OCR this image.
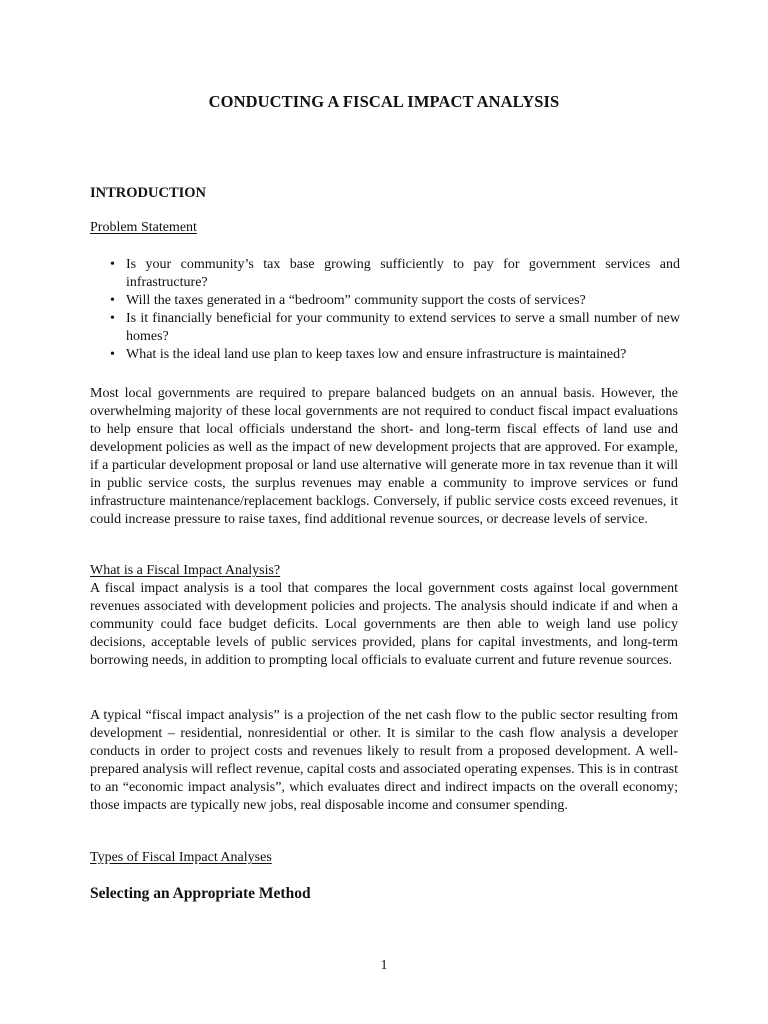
CONDUCTING A FISCAL IMPACT ANALYSIS
INTRODUCTION
Problem Statement
• Is your community’s tax base growing sufficiently to pay for government services and infrastructure?
• Will the taxes generated in a “bedroom” community support the costs of services?
• Is it financially beneficial for your community to extend services to serve a small number of new homes?
• What is the ideal land use plan to keep taxes low and ensure infrastructure is maintained?

Most local governments are required to prepare balanced budgets on an annual basis. However, the overwhelming majority of these local governments are not required to conduct fiscal impact evaluations to help ensure that local officials understand the short- and long-term fiscal effects of land use and development policies as well as the impact of new development projects that are approved. For example, if a particular development proposal or land use alternative will generate more in tax revenue than it will in public service costs, the surplus revenues may enable a community to improve services or fund infrastructure maintenance/replacement backlogs. Conversely, if public service costs exceed revenues, it could increase pressure to raise taxes, find additional revenue sources, or decrease levels of service.

What is a Fiscal Impact Analysis?

A fiscal impact analysis is a tool that compares the local government costs against local government revenues associated with development policies and projects. The analysis should indicate if and when a community could face budget deficits. Local governments are then able to weigh land use policy decisions, acceptable levels of public services provided, plans for capital investments, and long-term borrowing needs, in addition to prompting local officials to evaluate current and future revenue sources.

A typical “fiscal impact analysis” is a projection of the net cash flow to the public sector resulting from development – residential, nonresidential or other. It is similar to the cash flow analysis a developer conducts in order to project costs and revenues likely to result from a proposed development. A well-prepared analysis will reflect revenue, capital costs and associated operating expenses. This is in contrast to an “economic impact analysis”, which evaluates direct and indirect impacts on the overall economy; those impacts are typically new jobs, real disposable income and consumer spending.

Types of Fiscal Impact Analyses
Selecting an Appropriate Method
1
